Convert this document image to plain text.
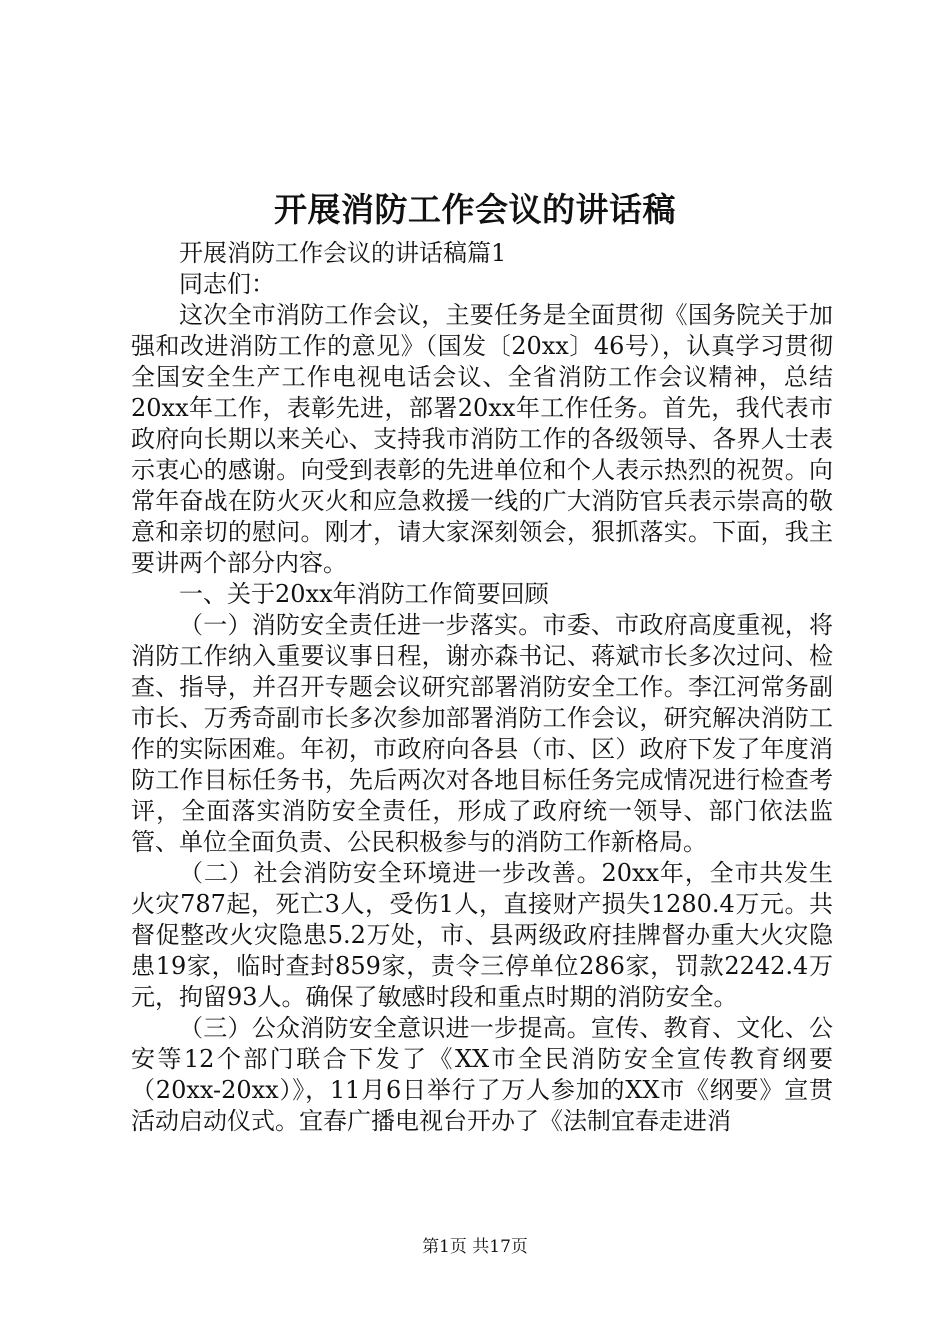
开展消防工作会议的讲话稿

开展消防工作会议的讲话稿篇1

同志们：

这次全市消防工作会议，主要任务是全面贯彻《国务院关于加强和改进消防工作的意见》（国发〔20xx〕46号），认真学习贯彻全国安全生产工作电视电话会议、全省消防工作会议精神，总结20xx年工作，表彰先进，部署20xx年工作任务。首先，我代表市政府向长期以来关心、支持我市消防工作的各级领导、各界人士表示衷心的感谢。向受到表彰的先进单位和个人表示热烈的祝贺。向常年奋战在防火灭火和应急救援一线的广大消防官兵表示崇高的敬意和亲切的慰问。刚才，请大家深刻领会，狠抓落实。下面，我主要讲两个部分内容。

一、关于20xx年消防工作简要回顾

（一）消防安全责任进一步落实。市委、市政府高度重视，将消防工作纳入重要议事日程，谢亦森书记、蒋斌市长多次过问、检查、指导，并召开专题会议研究部署消防安全工作。李江河常务副市长、万秀奇副市长多次参加部署消防工作会议，研究解决消防工作的实际困难。年初，市政府向各县（市、区）政府下发了年度消防工作目标任务书，先后两次对各地目标任务完成情况进行检查考评，全面落实消防安全责任，形成了政府统一领导、部门依法监管、单位全面负责、公民积极参与的消防工作新格局。

（二）社会消防安全环境进一步改善。20xx年，全市共发生火灾787起，死亡3人，受伤1人，直接财产损失1280.4万元。共督促整改火灾隐患5.2万处，市、县两级政府挂牌督办重大火灾隐患19家，临时查封859家，责令三停单位286家，罚款2242.4万元，拘留93人。确保了敏感时段和重点时期的消防安全。

（三）公众消防安全意识进一步提高。宣传、教育、文化、公安等12个部门联合下发了《XX市全民消防安全宣传教育纲要（20xx-20xx）》，11月6日举行了万人参加的XX市《纲要》宣贯活动启动仪式。宜春广播电视台开办了《法制宜春走进消

第1页 共17页
